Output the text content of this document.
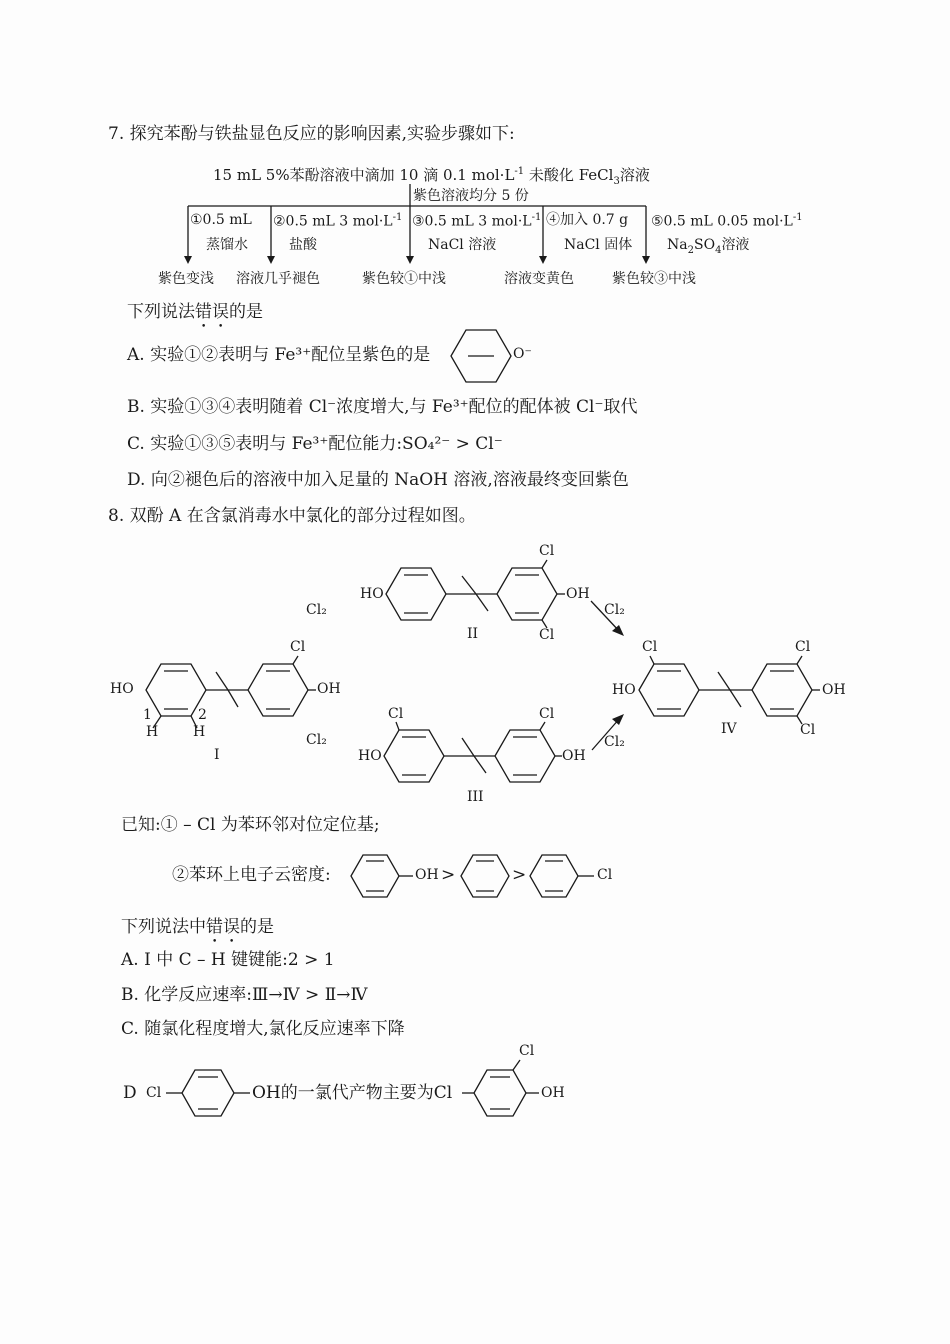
7. 探究苯酚与铁盐显色反应的影响因素,实验步骤如下:
15 mL 5%苯酚溶液中滴加 10 滴 0.1 $mol\cdot L^{-1}$ 未酸化 FeCl$_3$溶液
紫色溶液均分 5 份
①0.5 mL
蒸馏水
紫色变浅
②0.5 mL 3 $mol\cdot L^{-1}$
盐酸
溶液几乎褪色
③0.5 mL 3 $mol\cdot L^{-1}$
NaCl 溶液
紫色较①中浅
④加入 0.7 g
NaCl 固体
溶液变黄色
⑤0.5 mL 0.05 $mol\cdot L^{-1}$
$Na_2SO_4$溶液
紫色较③中浅
下列说法错误的是
A. 实验①②表明与 Fe³⁺配位呈紫色的是	O⁻
B. 实验①③④表明随着 Cl⁻浓度增大,与 Fe³⁺配位的配体被 Cl⁻取代
C. 实验①③⑤表明与 Fe³⁺配位能力:SO₄²⁻ > Cl⁻
D. 向②褪色后的溶液中加入足量的 NaOH 溶液,溶液最终变回紫色
8. 双酚 A 在含氯消毒水中氯化的部分过程如图。
HO
Cl
OH
Cl
II
HO
Cl
OH
1	2
H H
I
Cl
HO
Cl
OH
III
Cl
HO
Cl
OH
Cl
IV
Cl₂
Cl₂
Cl₂
Cl₂
已知:① – Cl 为苯环邻对位定位基;
②苯环上电子云密度:	OH >	>	Cl
下列说法中错误的是
A. Ⅰ 中 C – H 键键能:2 > 1
B. 化学反应速率:Ⅲ→Ⅳ > Ⅱ→Ⅳ
C. 随氯化程度增大,氯化反应速率下降
D Cl	OH的一氯代产物主要为Cl
Cl
OH
